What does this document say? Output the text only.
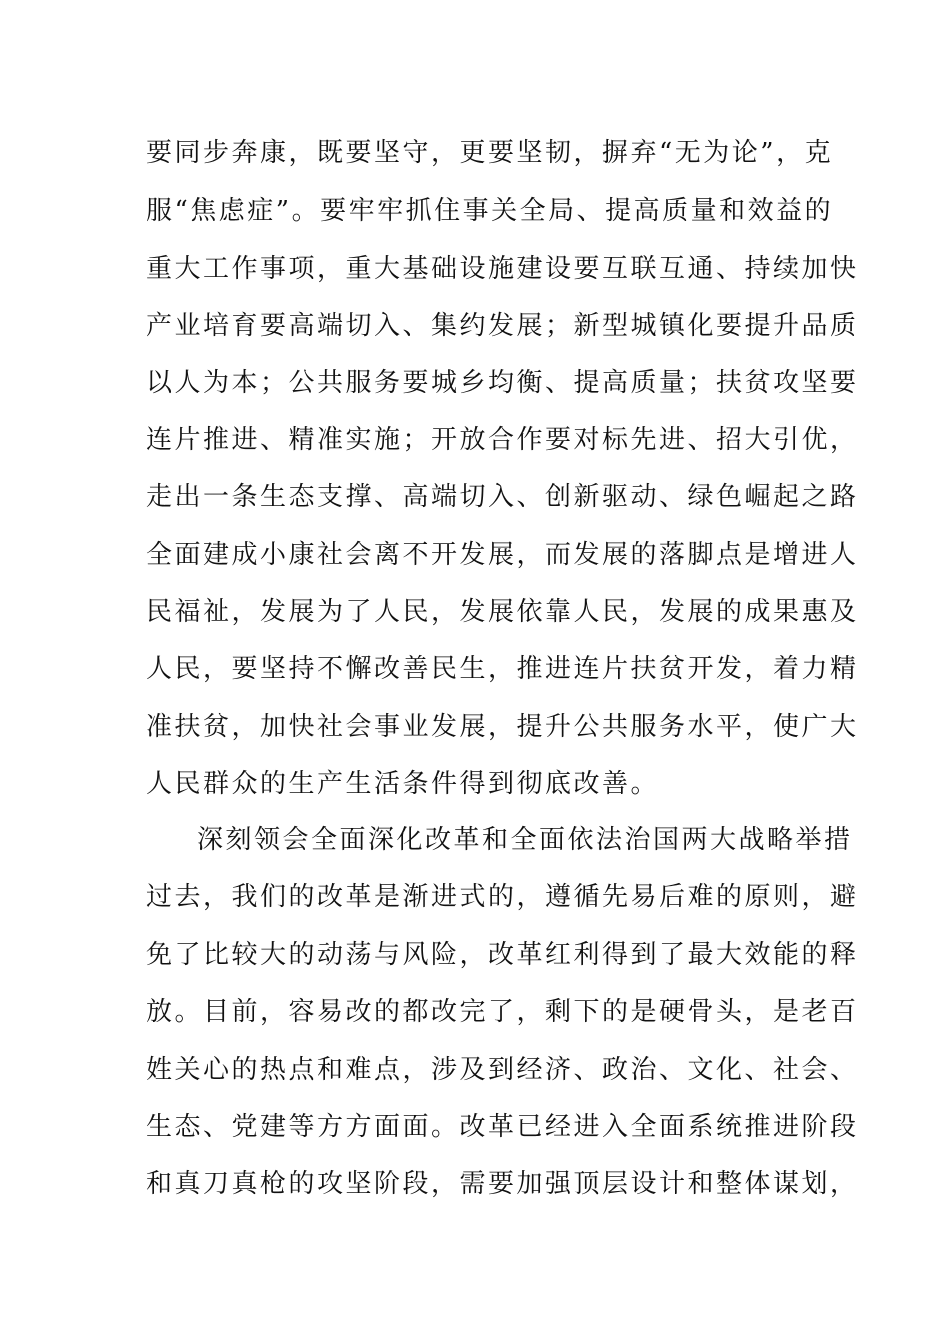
要同步奔康，既要坚守，更要坚韧，摒弃“无为论”，克
服“焦虑症”。要牢牢抓住事关全局、提高质量和效益的
重大工作事项，重大基础设施建设要互联互通、持续加快
产业培育要高端切入、集约发展；新型城镇化要提升品质
以人为本；公共服务要城乡均衡、提高质量；扶贫攻坚要
连片推进、精准实施；开放合作要对标先进、招大引优，
走出一条生态支撑、高端切入、创新驱动、绿色崛起之路
全面建成小康社会离不开发展，而发展的落脚点是增进人
民福祉，发展为了人民，发展依靠人民，发展的成果惠及
人民，要坚持不懈改善民生，推进连片扶贫开发，着力精
准扶贫，加快社会事业发展，提升公共服务水平，使广大
人民群众的生产生活条件得到彻底改善。
深刻领会全面深化改革和全面依法治国两大战略举措
过去，我们的改革是渐进式的，遵循先易后难的原则，避
免了比较大的动荡与风险，改革红利得到了最大效能的释
放。目前，容易改的都改完了，剩下的是硬骨头，是老百
姓关心的热点和难点，涉及到经济、政治、文化、社会、
生态、党建等方方面面。改革已经进入全面系统推进阶段
和真刀真枪的攻坚阶段，需要加强顶层设计和整体谋划，
